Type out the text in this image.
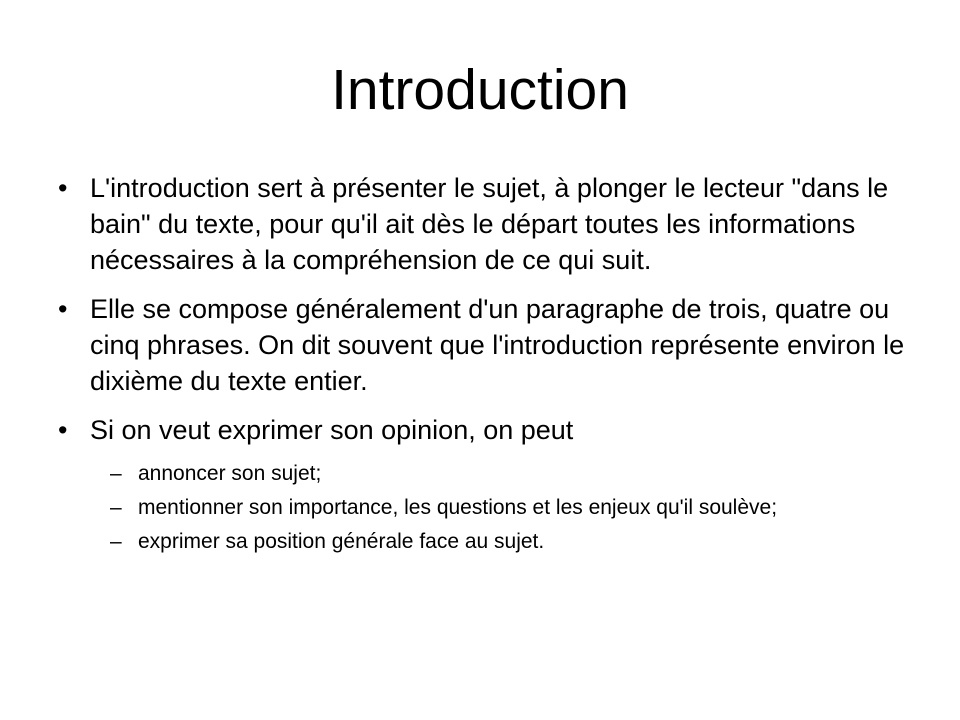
Introduction
• L'introduction sert à présenter le sujet, à plonger le lecteur "dans le bain" du texte, pour qu'il ait dès le départ toutes les informations nécessaires à la compréhension de ce qui suit.
• Elle se compose généralement d'un paragraphe de trois, quatre ou cinq phrases. On dit souvent que l'introduction représente environ le dixième du texte entier.
• Si on veut exprimer son opinion, on peut
– annoncer son sujet;
– mentionner son importance, les questions et les enjeux qu'il soulève;
– exprimer sa position générale face au sujet.
